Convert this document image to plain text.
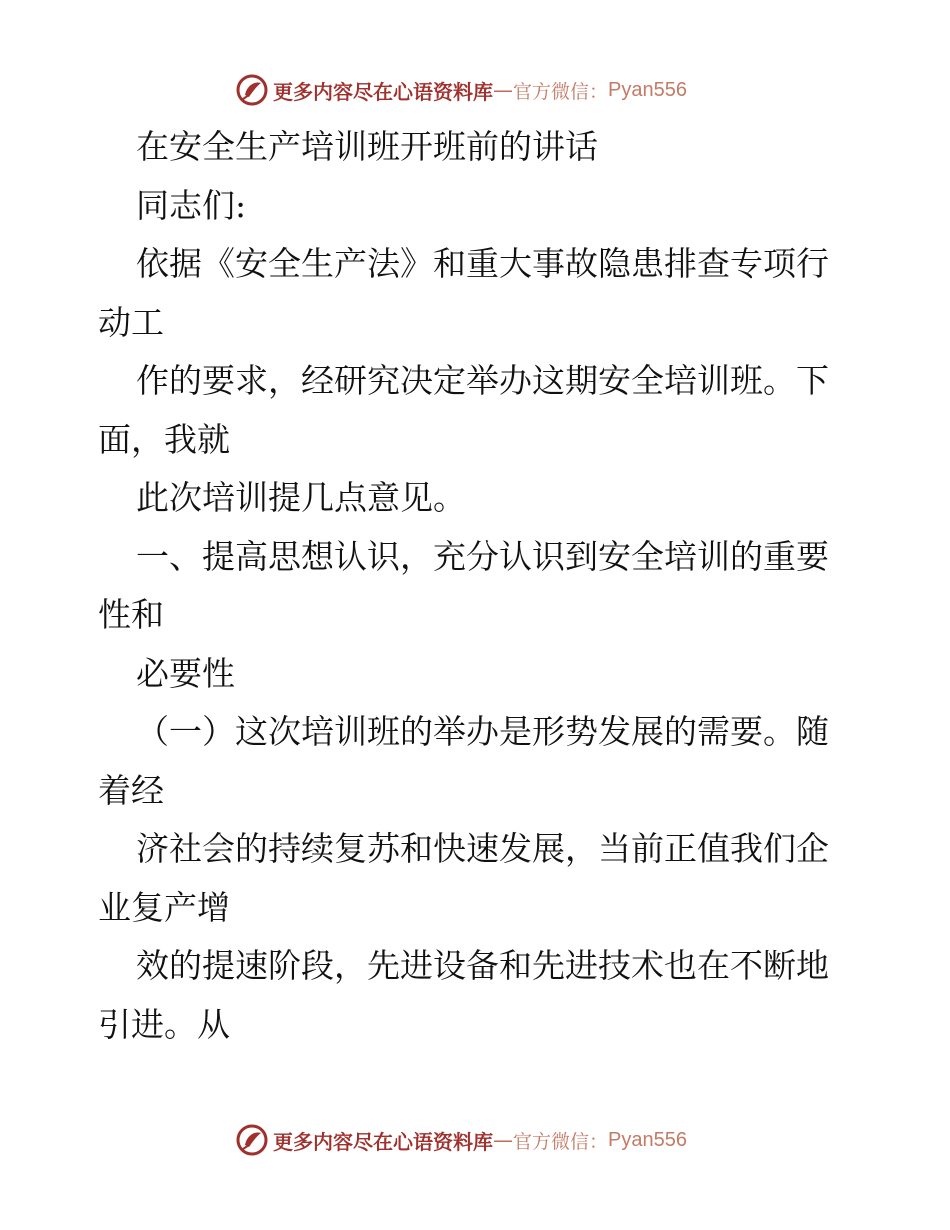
更多内容尽在心语资料库 — 官方微信： Pyan556
在安全生产培训班开班前的讲话
同志们:
依据《安全生产法》和重大事故隐患排查专项行
动工
作的要求，经研究决定举办这期安全培训班。下
面，我就
此次培训提几点意见。
一、提高思想认识，充分认识到安全培训的重要
性和
必要性
（一）这次培训班的举办是形势发展的需要。随
着经
济社会的持续复苏和快速发展，当前正值我们企
业复产增
效的提速阶段，先进设备和先进技术也在不断地
引进。从
更多内容尽在心语资料库 — 官方微信： Pyan556
